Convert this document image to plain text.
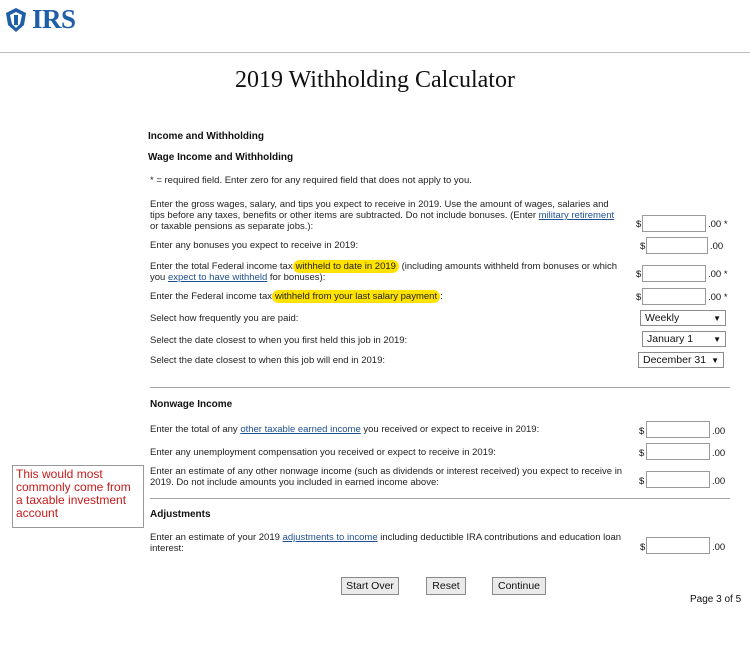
IRS
2019 Withholding Calculator
Income and Withholding
Wage Income and Withholding
* = required field. Enter zero for any required field that does not apply to you.
Enter the gross wages, salary, and tips you expect to receive in 2019. Use the amount of wages, salaries and tips before any taxes, benefits or other items are subtracted. Do not include bonuses. (Enter military retirement or taxable pensions as separate jobs.):	$	.00 *
Enter any bonuses you expect to receive in 2019:	$	.00
Enter the total Federal income tax withheld to date in 2019 (including amounts withheld from bonuses or which you expect to have withheld for bonuses):	$	.00 *
Enter the Federal income tax withheld from your last salary payment :	$	.00 *
Select how frequently you are paid:	Weekly	▼
Select the date closest to when you first held this job in 2019:	January 1 ▼
Select the date closest to when this job will end in 2019:	December 31 ▼
Nonwage Income
Enter the total of any other taxable earned income you received or expect to receive in 2019:	$	.00
Enter any unemployment compensation you received or expect to receive in 2019:	$	.00
Enter an estimate of any other nonwage income (such as dividends or interest received) you expect to receive in 2019. Do not include amounts you included in earned income above:	$	.00
Adjustments
Enter an estimate of your 2019 adjustments to income including deductible IRA contributions and education loan interest:	$	.00
This would most commonly come from a taxable investment account
Start Over	Reset	Continue
Page 3 of 5
